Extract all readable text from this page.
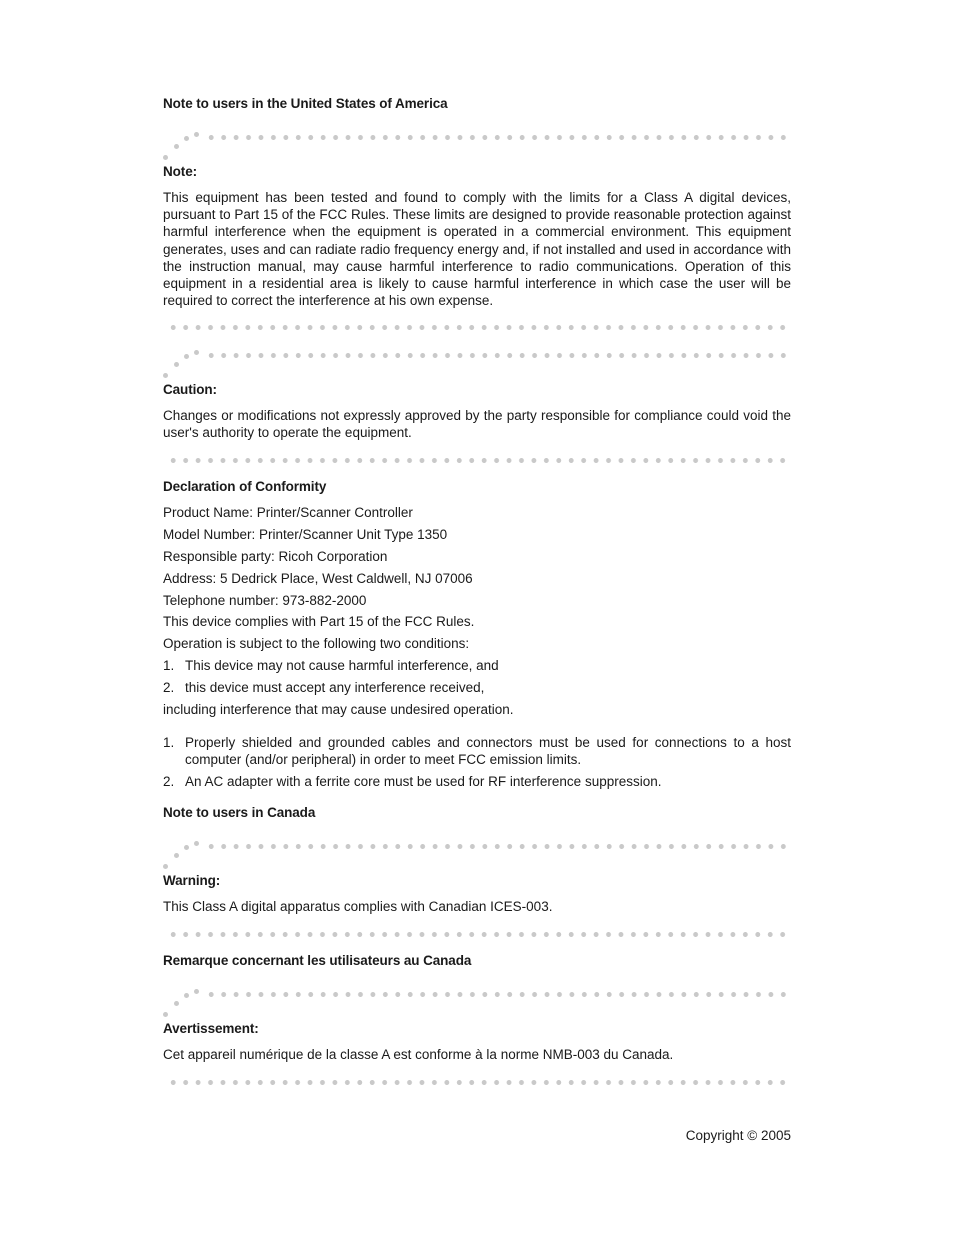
Note to users in the United States of America
Note:
This equipment has been tested and found to comply with the limits for a Class A digital devices, pursuant to Part 15 of the FCC Rules. These limits are designed to provide reasonable protection against harmful interference when the equipment is operated in a commercial environment. This equipment generates, uses and can radiate radio frequency energy and, if not installed and used in accordance with the instruction manual, may cause harmful interference to radio communications. Operation of this equipment in a residential area is likely to cause harmful interference in which case the user will be required to correct the interference at his own expense.
Caution:
Changes or modifications not expressly approved by the party responsible for compliance could void the user's authority to operate the equipment.
Declaration of Conformity
Product Name: Printer/Scanner Controller
Model Number: Printer/Scanner Unit Type 1350
Responsible party: Ricoh Corporation
Address: 5 Dedrick Place, West Caldwell, NJ 07006
Telephone number: 973-882-2000
This device complies with Part 15 of the FCC Rules.
Operation is subject to the following two conditions:
1. This device may not cause harmful interference, and
2. this device must accept any interference received,
including interference that may cause undesired operation.
1. Properly shielded and grounded cables and connectors must be used for connections to a host computer (and/or peripheral) in order to meet FCC emission limits.
2. An AC adapter with a ferrite core must be used for RF interference suppression.
Note to users in Canada
Warning:
This Class A digital apparatus complies with Canadian ICES-003.
Remarque concernant les utilisateurs au Canada
Avertissement:
Cet appareil numérique de la classe A est conforme à la norme NMB-003 du Canada.
Copyright © 2005
